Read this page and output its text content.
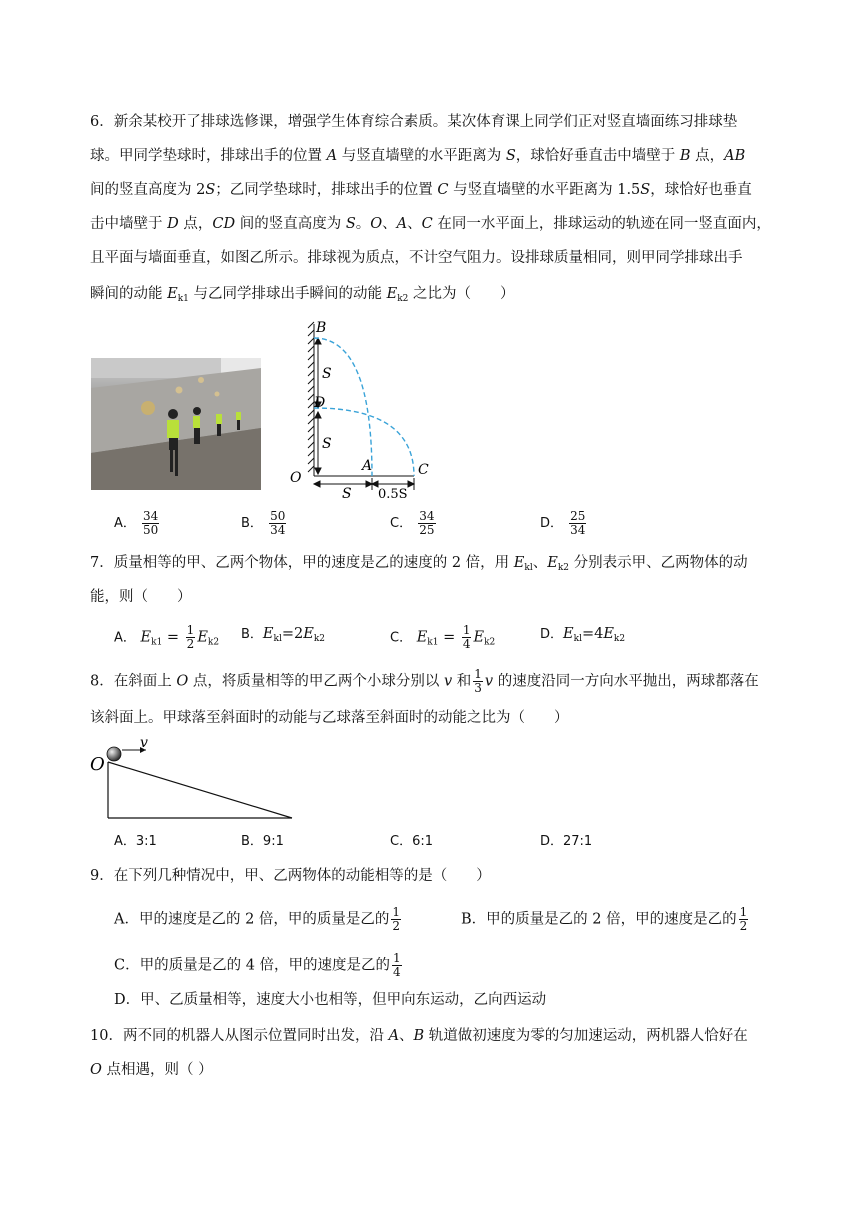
6．新余某校开了排球选修课，增强学生体育综合素质。某次体育课上同学们正对竖直墙面练习排球垫
球。甲同学垫球时，排球出手的位置 A 与竖直墙壁的水平距离为 S，球恰好垂直击中墙壁于 B 点，AB
间的竖直高度为 2S；乙同学垫球时，排球出手的位置 C 与竖直墙壁的水平距离为 1.5S，球恰好也垂直
击中墙壁于 D 点，CD 间的竖直高度为 S。O、A、C 在同一水平面上，排球运动的轨迹在同一竖直面内，
且平面与墙面垂直，如图乙所示。排球视为质点，不计空气阻力。设排球质量相同，则甲同学排球出手
瞬间的动能 $E_{k1}$ 与乙同学排球出手瞬间的动能 $E_{k2}$ 之比为（　　）
B
D
O
A	C
S
S
S 0.5S
A． $\frac{34}{50}$	B． $\frac{50}{34}$	C． $\frac{34}{25}$	D． $\frac{25}{34}$
7．质量相等的甲、乙两个物体，甲的速度是乙的速度的 2 倍，用 $E_{kl}$、$E_{k2}$ 分别表示甲、乙两物体的动
能，则（　　）
A． $E_{k1} = \frac{1}{2} E_{k2}$
B．$E_{kl}=2E_{k2}$	C． $E_{k1} = \frac{1}{4} E_{k2}$
D．$E_{kl}=4E_{k2}$
8．在斜面上 O 点，将质量相等的甲乙两个小球分别以 v 和 $\frac{1}{3}$ v 的速度沿同一方向水平抛出，两球都落在
该斜面上。甲球落至斜面时的动能与乙球落至斜面时的动能之比为（　　）
v
O
A．3:1	B．9:1	C．6:1	D．27:1
9．在下列几种情况中，甲、乙两物体的动能相等的是（　　）
A．甲的速度是乙的 2 倍，甲的质量是乙的 $\frac{1}{2}$	B．甲的质量是乙的 2 倍，甲的速度是乙的 $\frac{1}{2}$
C．甲的质量是乙的 4 倍，甲的速度是乙的 $\frac{1}{4}$
D．甲、乙质量相等，速度大小也相等，但甲向东运动，乙向西运动
10．两不同的机器人从图示位置同时出发，沿 A、B 轨道做初速度为零的匀加速运动，两机器人恰好在
O 点相遇，则（ ）
